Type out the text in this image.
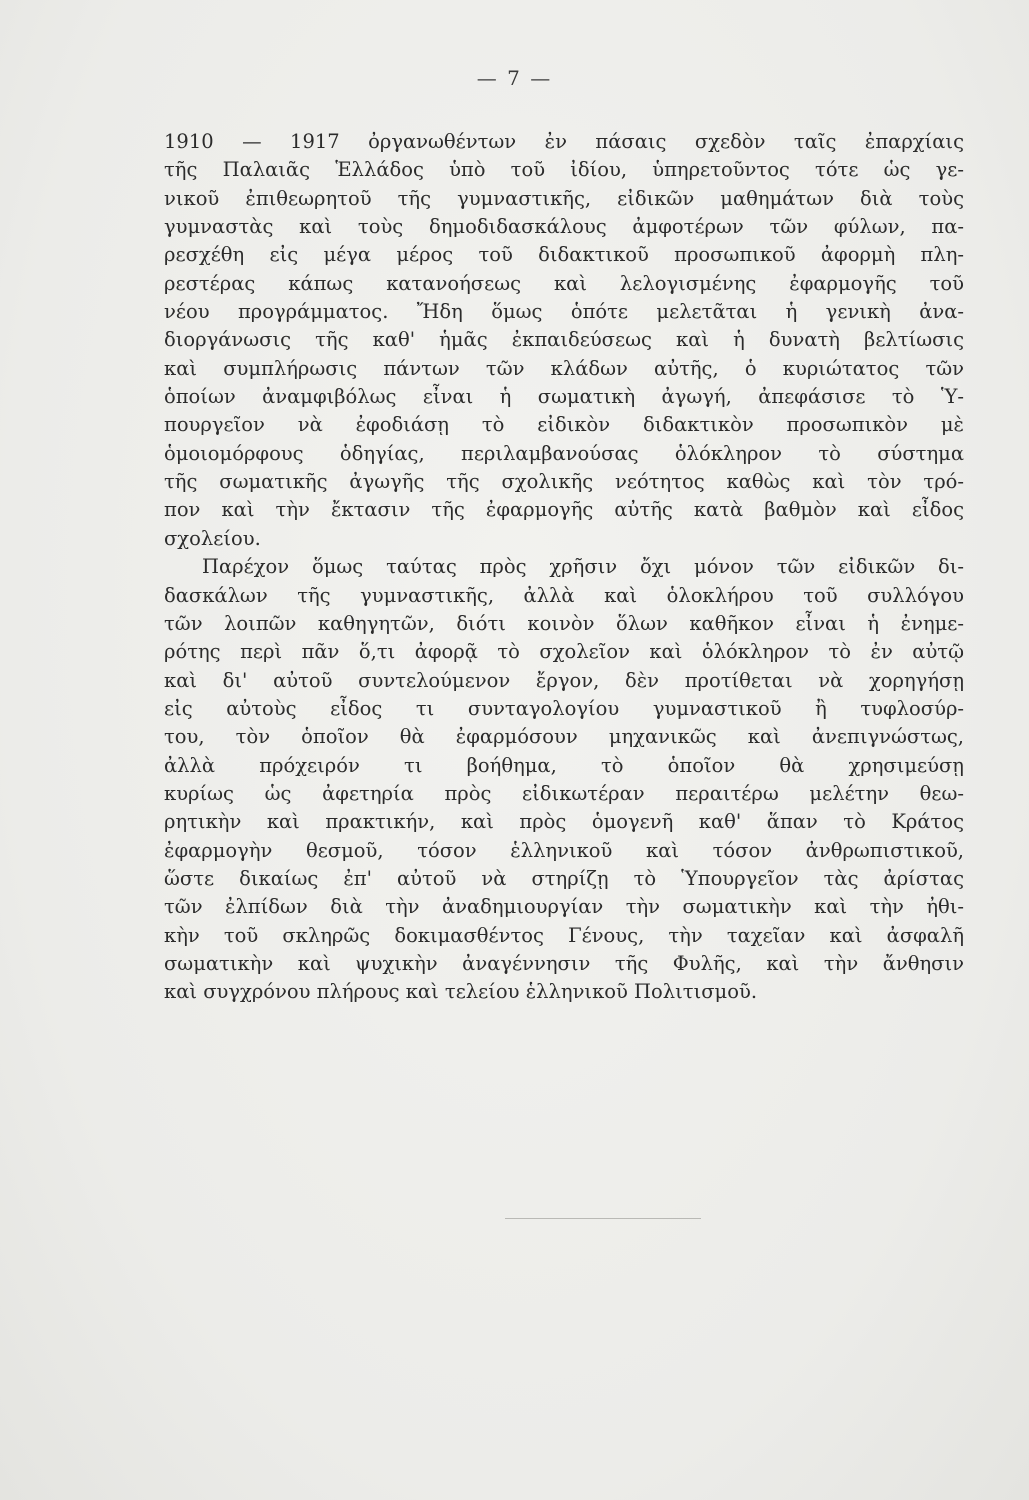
— 7 —
1910 — 1917 ὀργανωθέντων ἐν πάσαις σχεδὸν ταῖς ἐπαρχίαις
τῆς Παλαιᾶς Ἑλλάδος ὑπὸ τοῦ ἰδίου, ὑπηρετοῦντος τότε ὡς γε-
νικοῦ ἐπιθεωρητοῦ τῆς γυμναστικῆς, εἰδικῶν μαθημάτων διὰ τοὺς
γυμναστὰς καὶ τοὺς δημοδιδασκάλους ἀμφοτέρων τῶν φύλων, πα-
ρεσχέθη εἰς μέγα μέρος τοῦ διδακτικοῦ προσωπικοῦ ἀφορμὴ πλη-
ρεστέρας κάπως κατανοήσεως καὶ λελογισμένης ἐφαρμογῆς τοῦ
νέου προγράμματος. Ἤδη ὅμως ὁπότε μελετᾶται ἡ γενικὴ ἀνα-
διοργάνωσις τῆς καθ' ἡμᾶς ἐκπαιδεύσεως καὶ ἡ δυνατὴ βελτίωσις
καὶ συμπλήρωσις πάντων τῶν κλάδων αὐτῆς, ὁ κυριώτατος τῶν
ὁποίων ἀναμφιβόλως εἶναι ἡ σωματικὴ ἀγωγή, ἀπεφάσισε τὸ Ὑ-
πουργεῖον νὰ ἐφοδιάσῃ τὸ εἰδικὸν διδακτικὸν προσωπικὸν μὲ
ὁμοιομόρφους ὁδηγίας, περιλαμβανούσας ὁλόκληρον τὸ σύστημα
τῆς σωματικῆς ἀγωγῆς τῆς σχολικῆς νεότητος καθὼς καὶ τὸν τρό-
πον καὶ τὴν ἔκτασιν τῆς ἐφαρμογῆς αὐτῆς κατὰ βαθμὸν καὶ εἶδος
σχολείου.
Παρέχον ὅμως ταύτας πρὸς χρῆσιν ὄχι μόνον τῶν εἰδικῶν δι-
δασκάλων τῆς γυμναστικῆς, ἀλλὰ καὶ ὁλοκλήρου τοῦ συλλόγου
τῶν λοιπῶν καθηγητῶν, διότι κοινὸν ὅλων καθῆκον εἶναι ἡ ἐνημε-
ρότης περὶ πᾶν ὅ,τι ἀφορᾷ τὸ σχολεῖον καὶ ὁλόκληρον τὸ ἐν αὐτῷ
καὶ δι' αὐτοῦ συντελούμενον ἔργον, δὲν προτίθεται νὰ χορηγήσῃ
εἰς αὐτοὺς εἶδος τι συνταγολογίου γυμναστικοῦ ἢ τυφλοσύρ-
του, τὸν ὁποῖον θὰ ἐφαρμόσουν μηχανικῶς καὶ ἀνεπιγνώστως,
ἀλλὰ πρόχειρόν τι βοήθημα, τὸ ὁποῖον θὰ χρησιμεύσῃ
κυρίως ὡς ἀφετηρία πρὸς εἰδικωτέραν περαιτέρω μελέτην θεω-
ρητικὴν καὶ πρακτικήν, καὶ πρὸς ὁμογενῆ καθ' ἅπαν τὸ Κράτος
ἐφαρμογὴν θεσμοῦ, τόσον ἑλληνικοῦ καὶ τόσον ἀνθρωπιστικοῦ,
ὥστε δικαίως ἐπ' αὐτοῦ νὰ στηρίζῃ τὸ Ὑπουργεῖον τὰς ἀρίστας
τῶν ἐλπίδων διὰ τὴν ἀναδημιουργίαν τὴν σωματικὴν καὶ τὴν ἠθι-
κὴν τοῦ σκληρῶς δοκιμασθέντος Γένους, τὴν ταχεῖαν καὶ ἀσφαλῆ
σωματικὴν καὶ ψυχικὴν ἀναγέννησιν τῆς Φυλῆς, καὶ τὴν ἄνθησιν
καὶ συγχρόνου πλήρους καὶ τελείου ἑλληνικοῦ Πολιτισμοῦ.
